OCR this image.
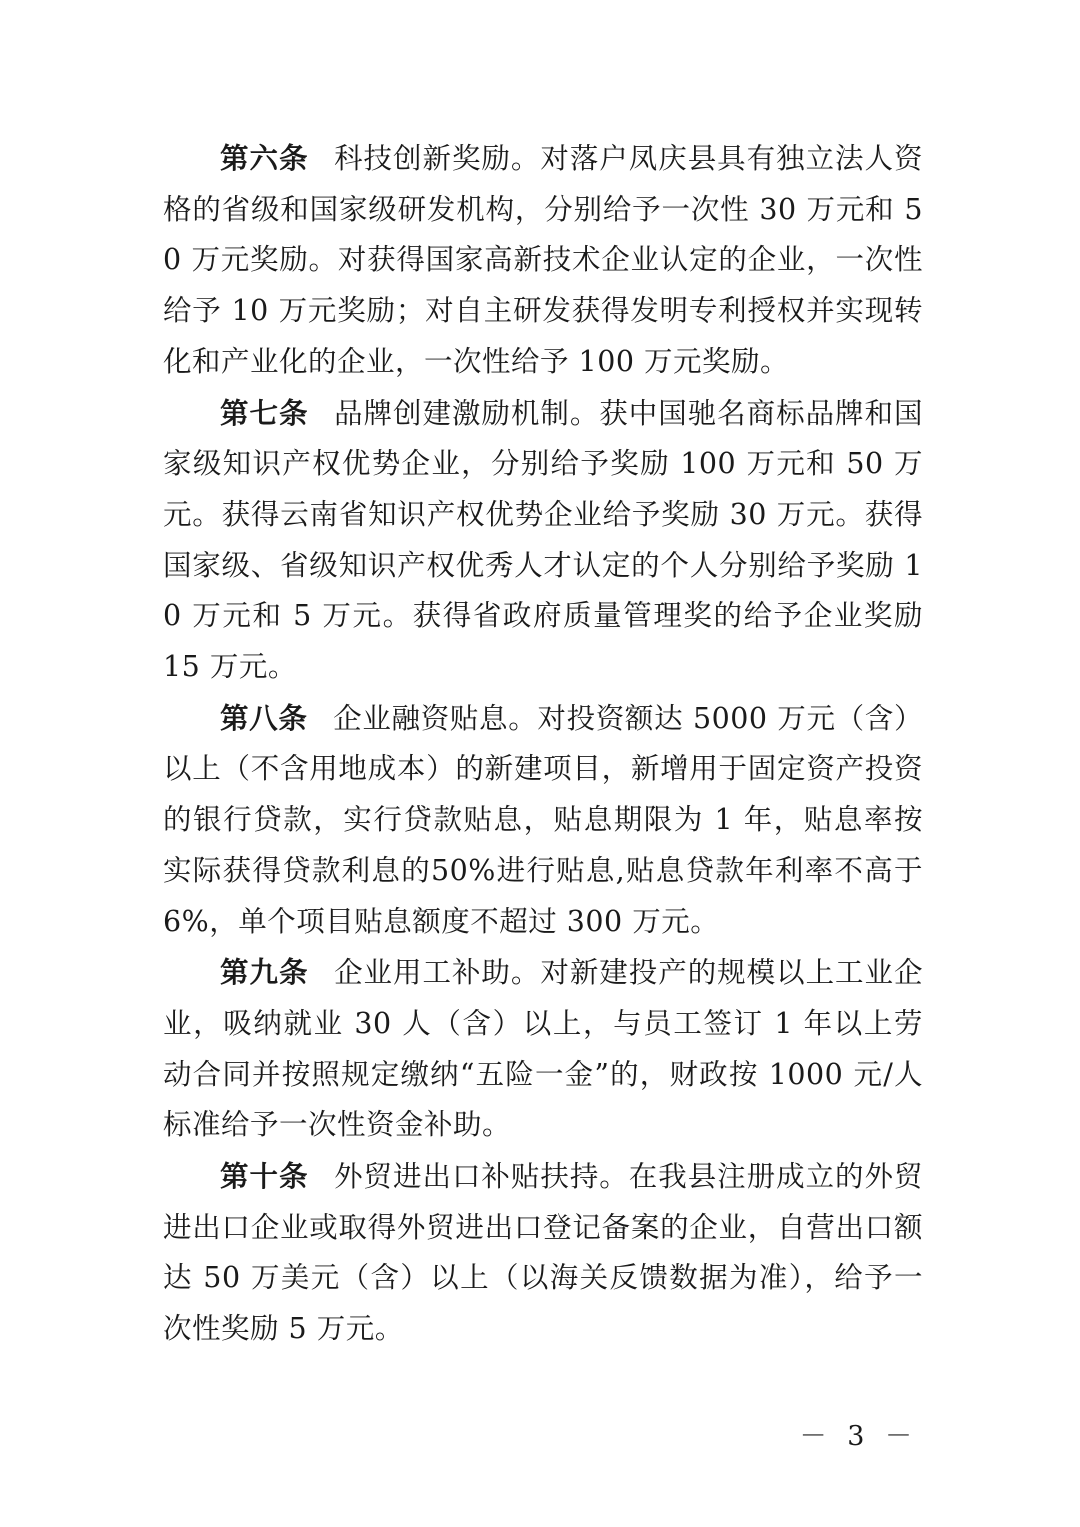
第六条 科技创新奖励。对落户凤庆县具有独立法人资格的省级和国家级研发机构，分别给予一次性 30 万元和 50 万元奖励。对获得国家高新技术企业认定的企业，一次性给予 10 万元奖励；对自主研发获得发明专利授权并实现转化和产业化的企业，一次性给予 100 万元奖励。

第七条 品牌创建激励机制。获中国驰名商标品牌和国家级知识产权优势企业，分别给予奖励 100 万元和 50 万元。获得云南省知识产权优势企业给予奖励 30 万元。获得国家级、省级知识产权优秀人才认定的个人分别给予奖励 10 万元和 5 万元。获得省政府质量管理奖的给予企业奖励 15 万元。

第八条 企业融资贴息。对投资额达 5000 万元（含）以上（不含用地成本）的新建项目，新增用于固定资产投资的银行贷款，实行贷款贴息，贴息期限为 1 年，贴息率按实际获得贷款利息的50%进行贴息,贴息贷款年利率不高于6%，单个项目贴息额度不超过 300 万元。

第九条 企业用工补助。对新建投产的规模以上工业企业，吸纳就业 30 人（含）以上，与员工签订 1 年以上劳动合同并按照规定缴纳“五险一金”的，财政按 1000 元/人标准给予一次性资金补助。

第十条 外贸进出口补贴扶持。在我县注册成立的外贸进出口企业或取得外贸进出口登记备案的企业，自营出口额达 50 万美元（含）以上（以海关反馈数据为准），给予一次性奖励 5 万元。

－ 3 －
